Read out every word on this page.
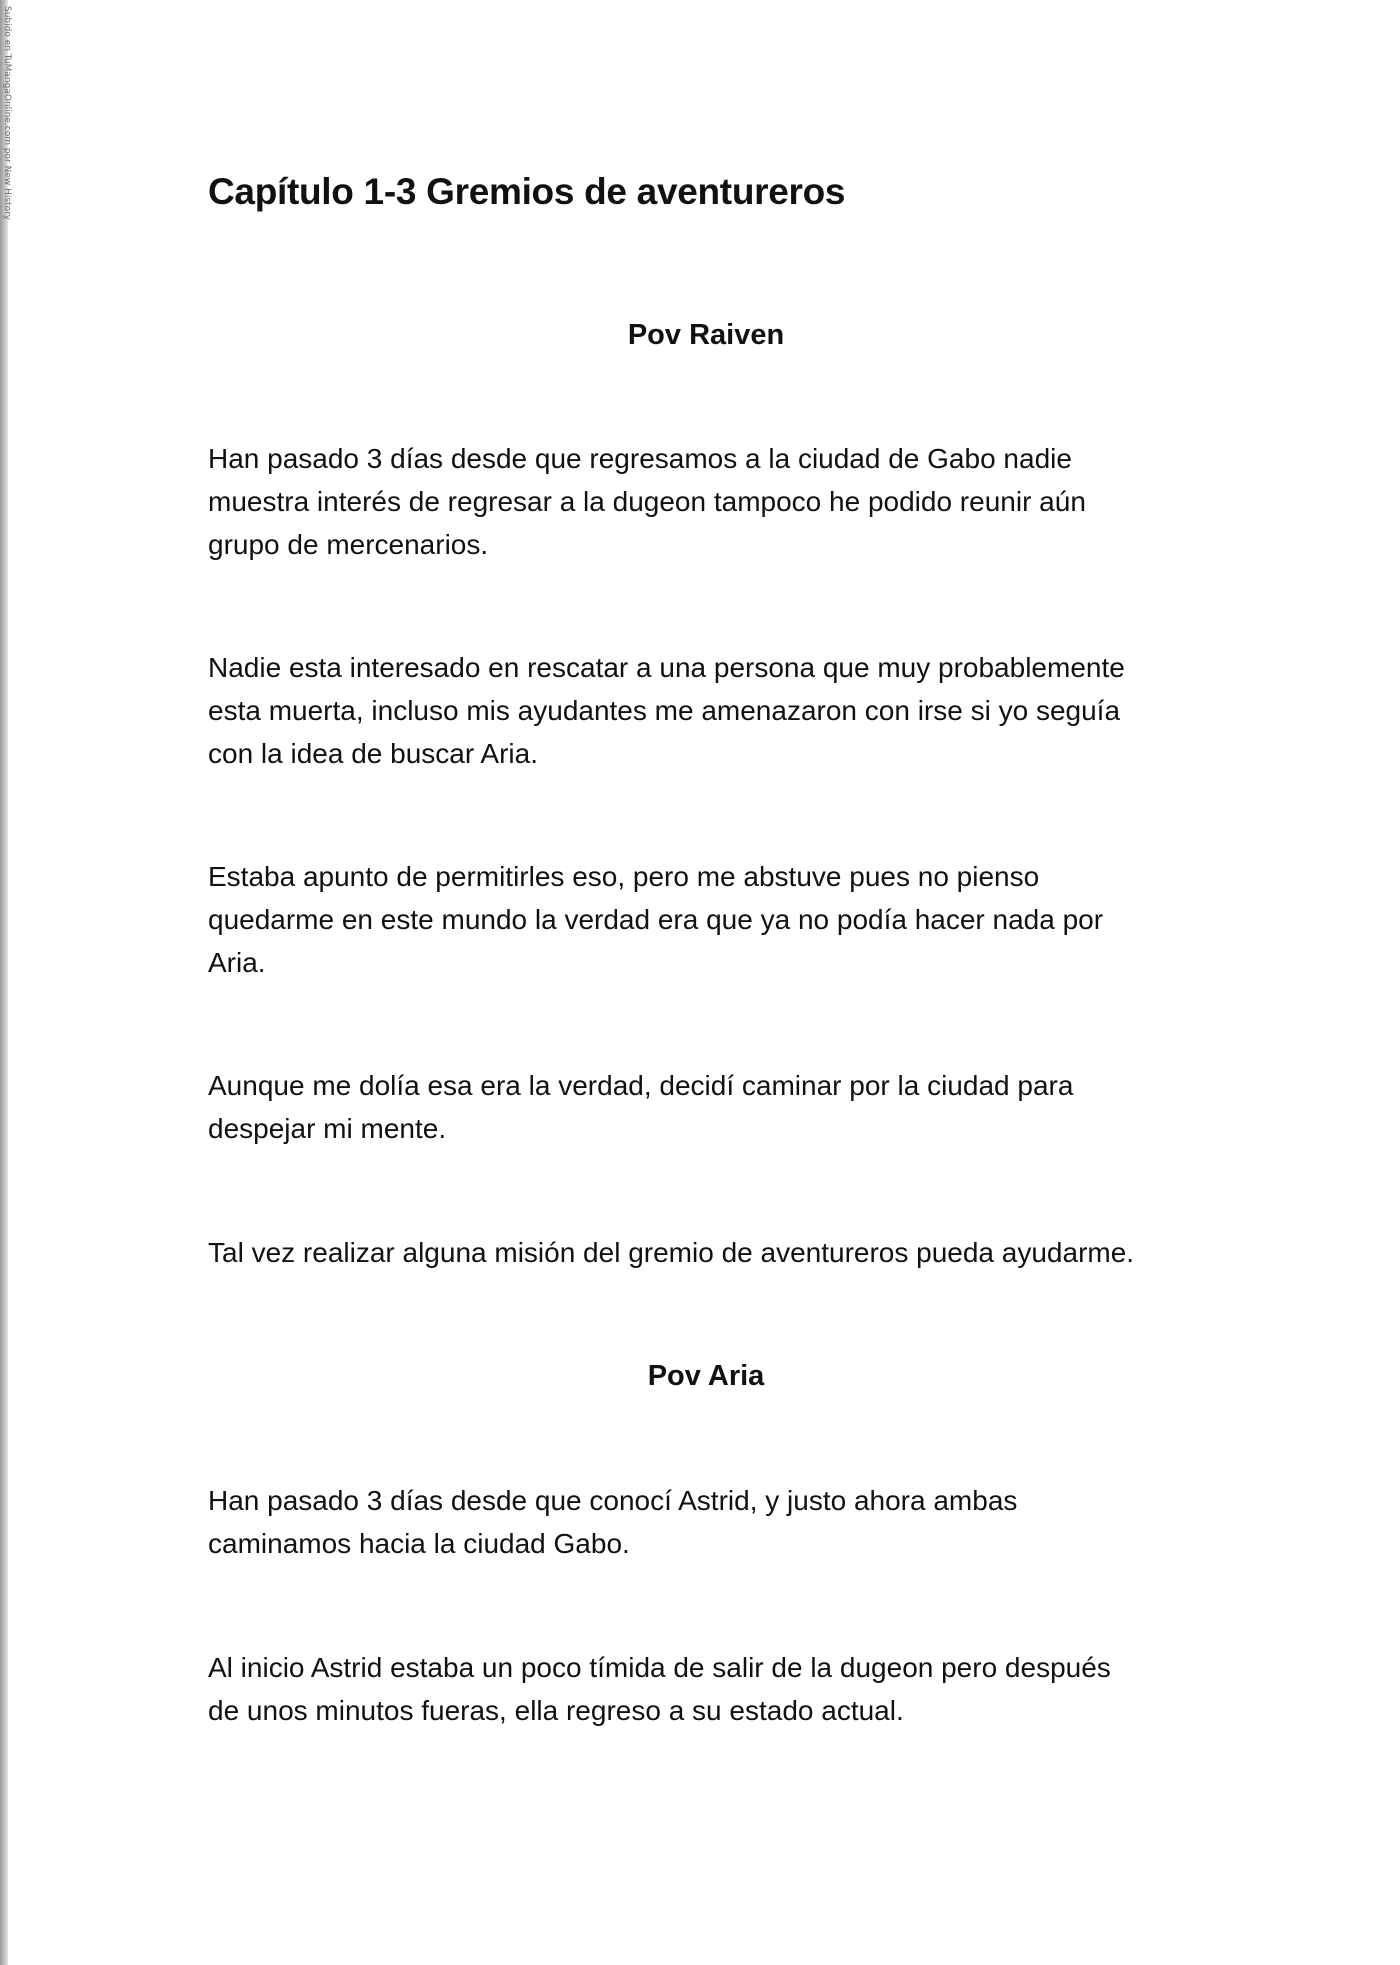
Subido en TuMangaOnline.com por New History	Capítulo 1-3 Gremios de aventureros
Pov Raiven

Han pasado 3 días desde que regresamos a la ciudad de Gabo nadie
muestra interés de regresar a la dugeon tampoco he podido reunir aún
grupo de mercenarios.

Nadie esta interesado en rescatar a una persona que muy probablemente
esta muerta, incluso mis ayudantes me amenazaron con irse si yo seguía
con la idea de buscar Aria.

Estaba apunto de permitirles eso, pero me abstuve pues no pienso
quedarme en este mundo la verdad era que ya no podía hacer nada por
Aria.

Aunque me dolía esa era la verdad, decidí caminar por la ciudad para
despejar mi mente.

Tal vez realizar alguna misión del gremio de aventureros pueda ayudarme.

Pov Aria

Han pasado 3 días desde que conocí Astrid, y justo ahora ambas
caminamos hacia la ciudad Gabo.

Al inicio Astrid estaba un poco tímida de salir de la dugeon pero después
de unos minutos fueras, ella regreso a su estado actual.
